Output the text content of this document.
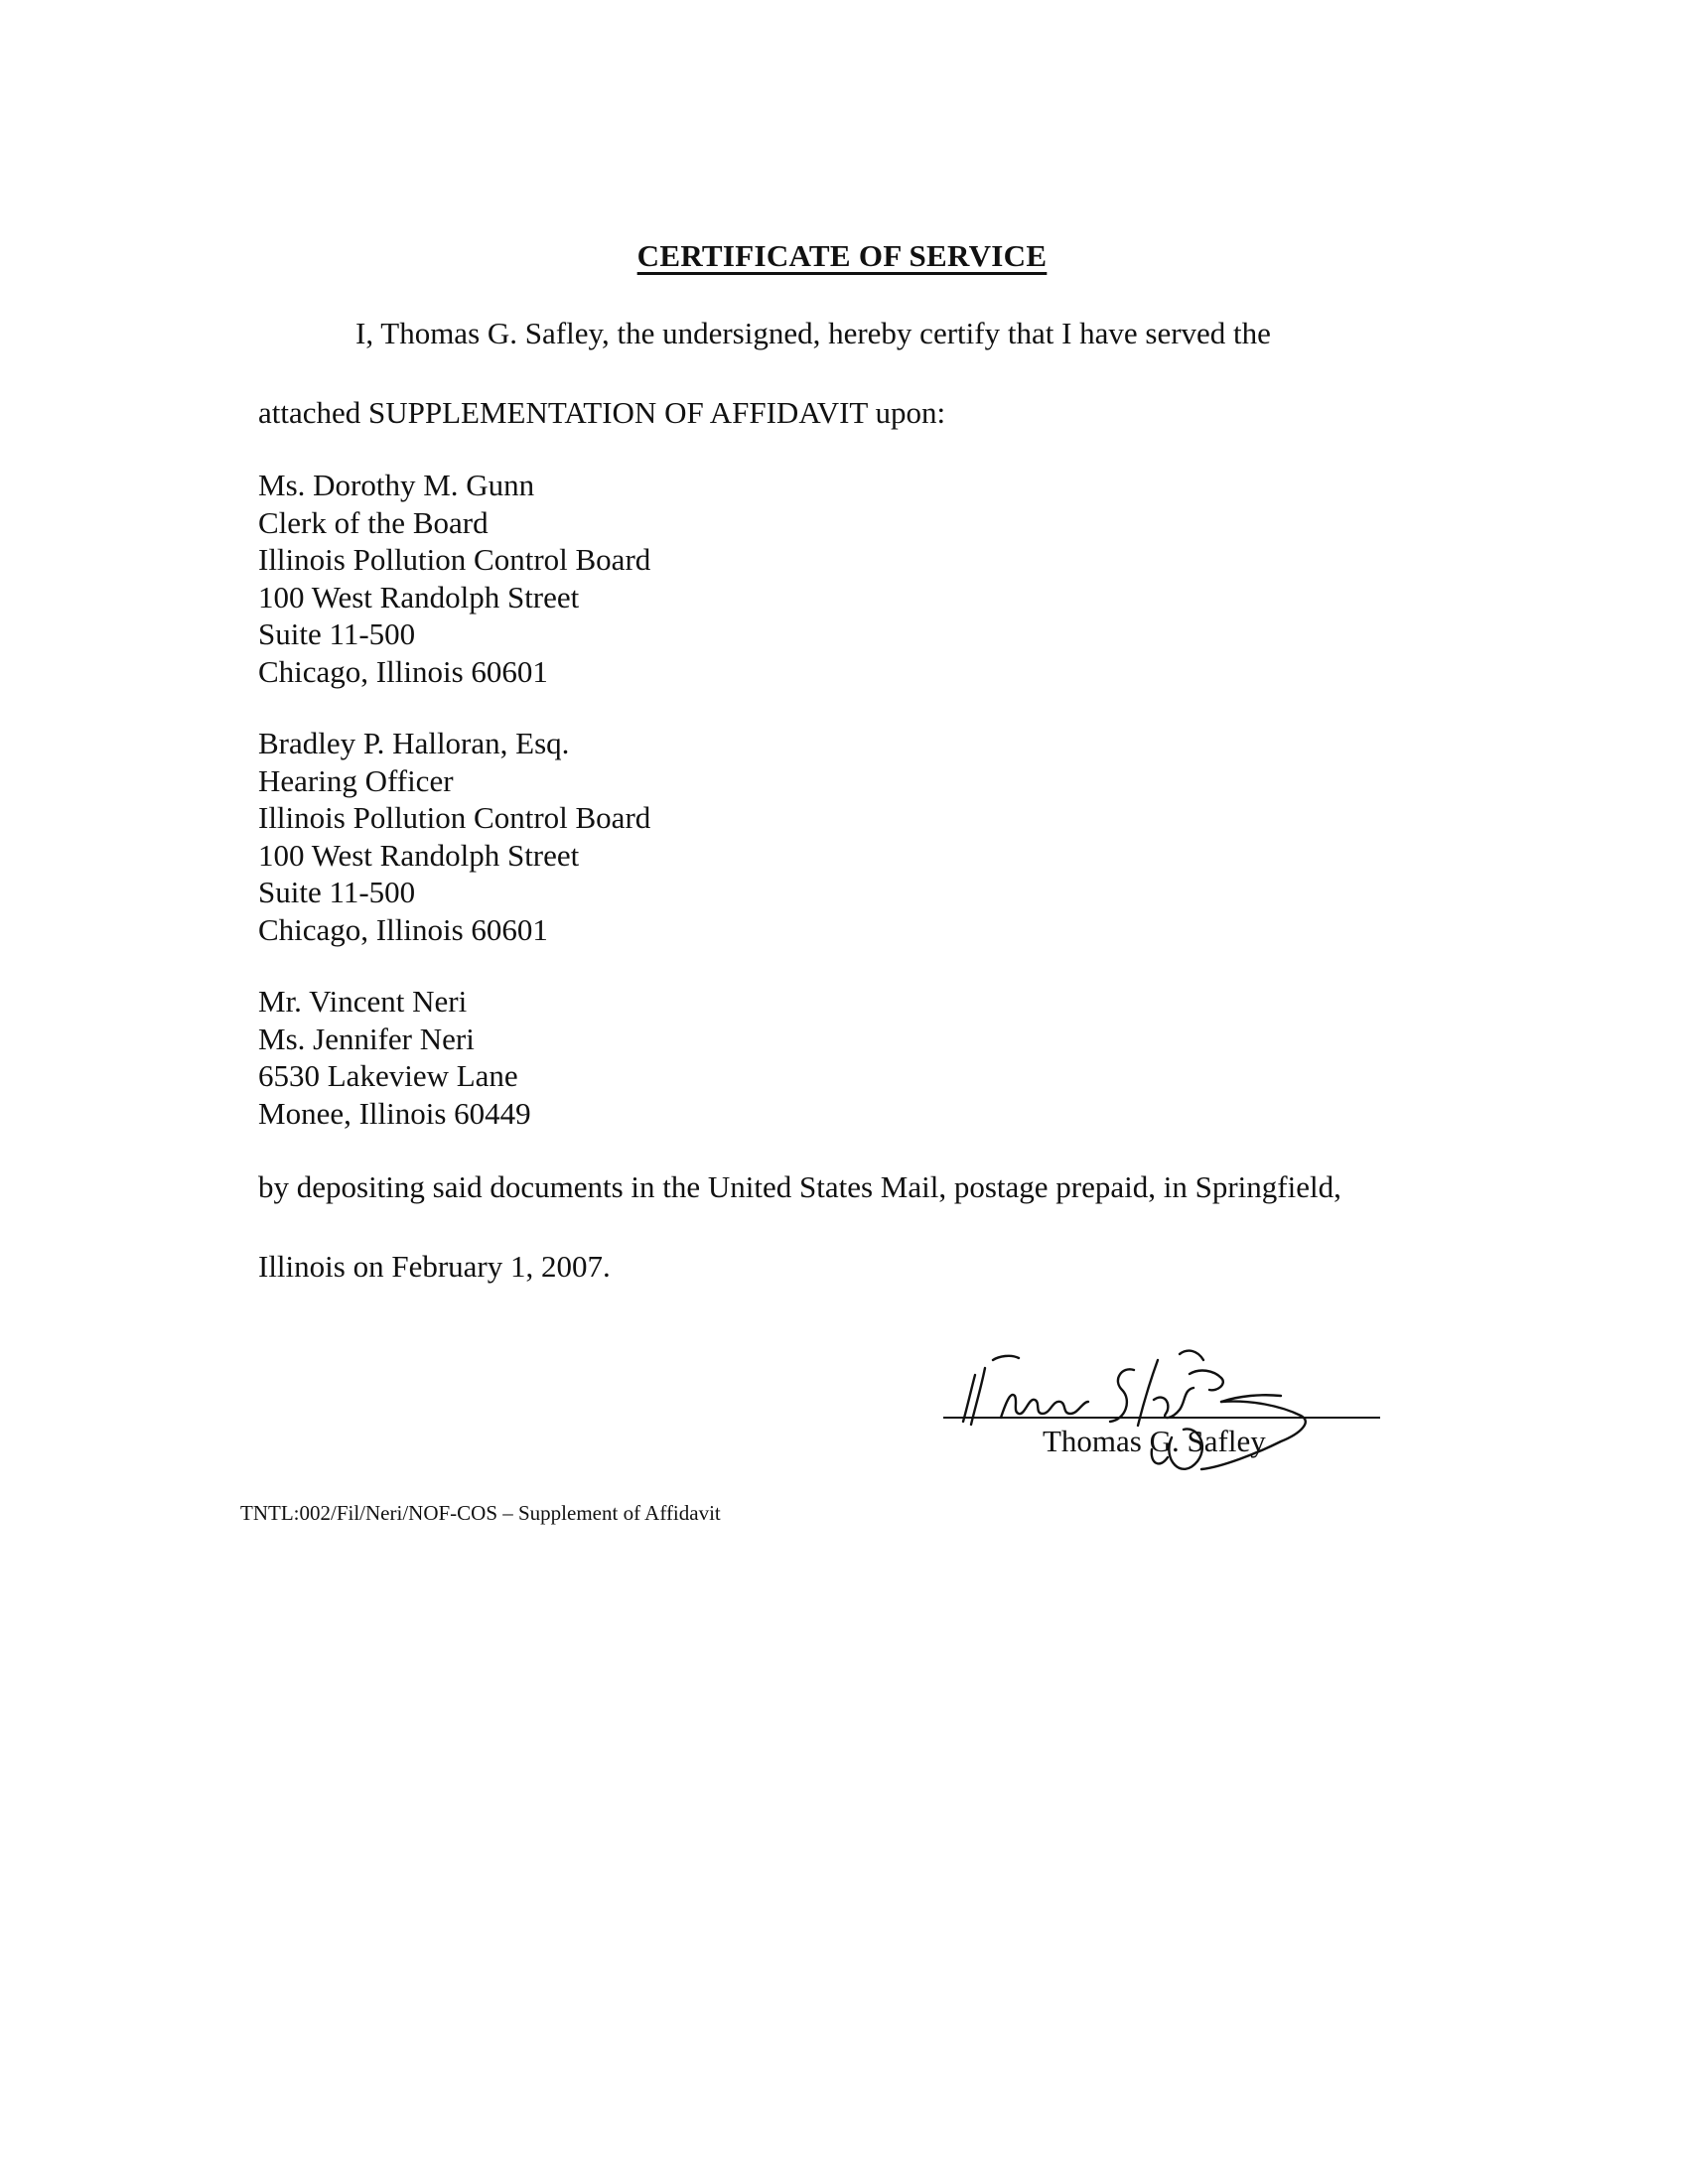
CERTIFICATE OF SERVICE
I, Thomas G. Safley, the undersigned, hereby certify that I have served the
attached SUPPLEMENTATION OF AFFIDAVIT upon:
Ms. Dorothy M. Gunn
Clerk of the Board
Illinois Pollution Control Board
100 West Randolph Street
Suite 11-500
Chicago, Illinois 60601
Bradley P. Halloran, Esq.
Hearing Officer
Illinois Pollution Control Board
100 West Randolph Street
Suite 11-500
Chicago, Illinois 60601
Mr. Vincent Neri
Ms. Jennifer Neri
6530 Lakeview Lane
Monee, Illinois 60449
by depositing said documents in the United States Mail, postage prepaid, in Springfield,
Illinois on February 1, 2007.
Thomas G. Safley
TNTL:002/Fil/Neri/NOF-COS – Supplement of Affidavit
